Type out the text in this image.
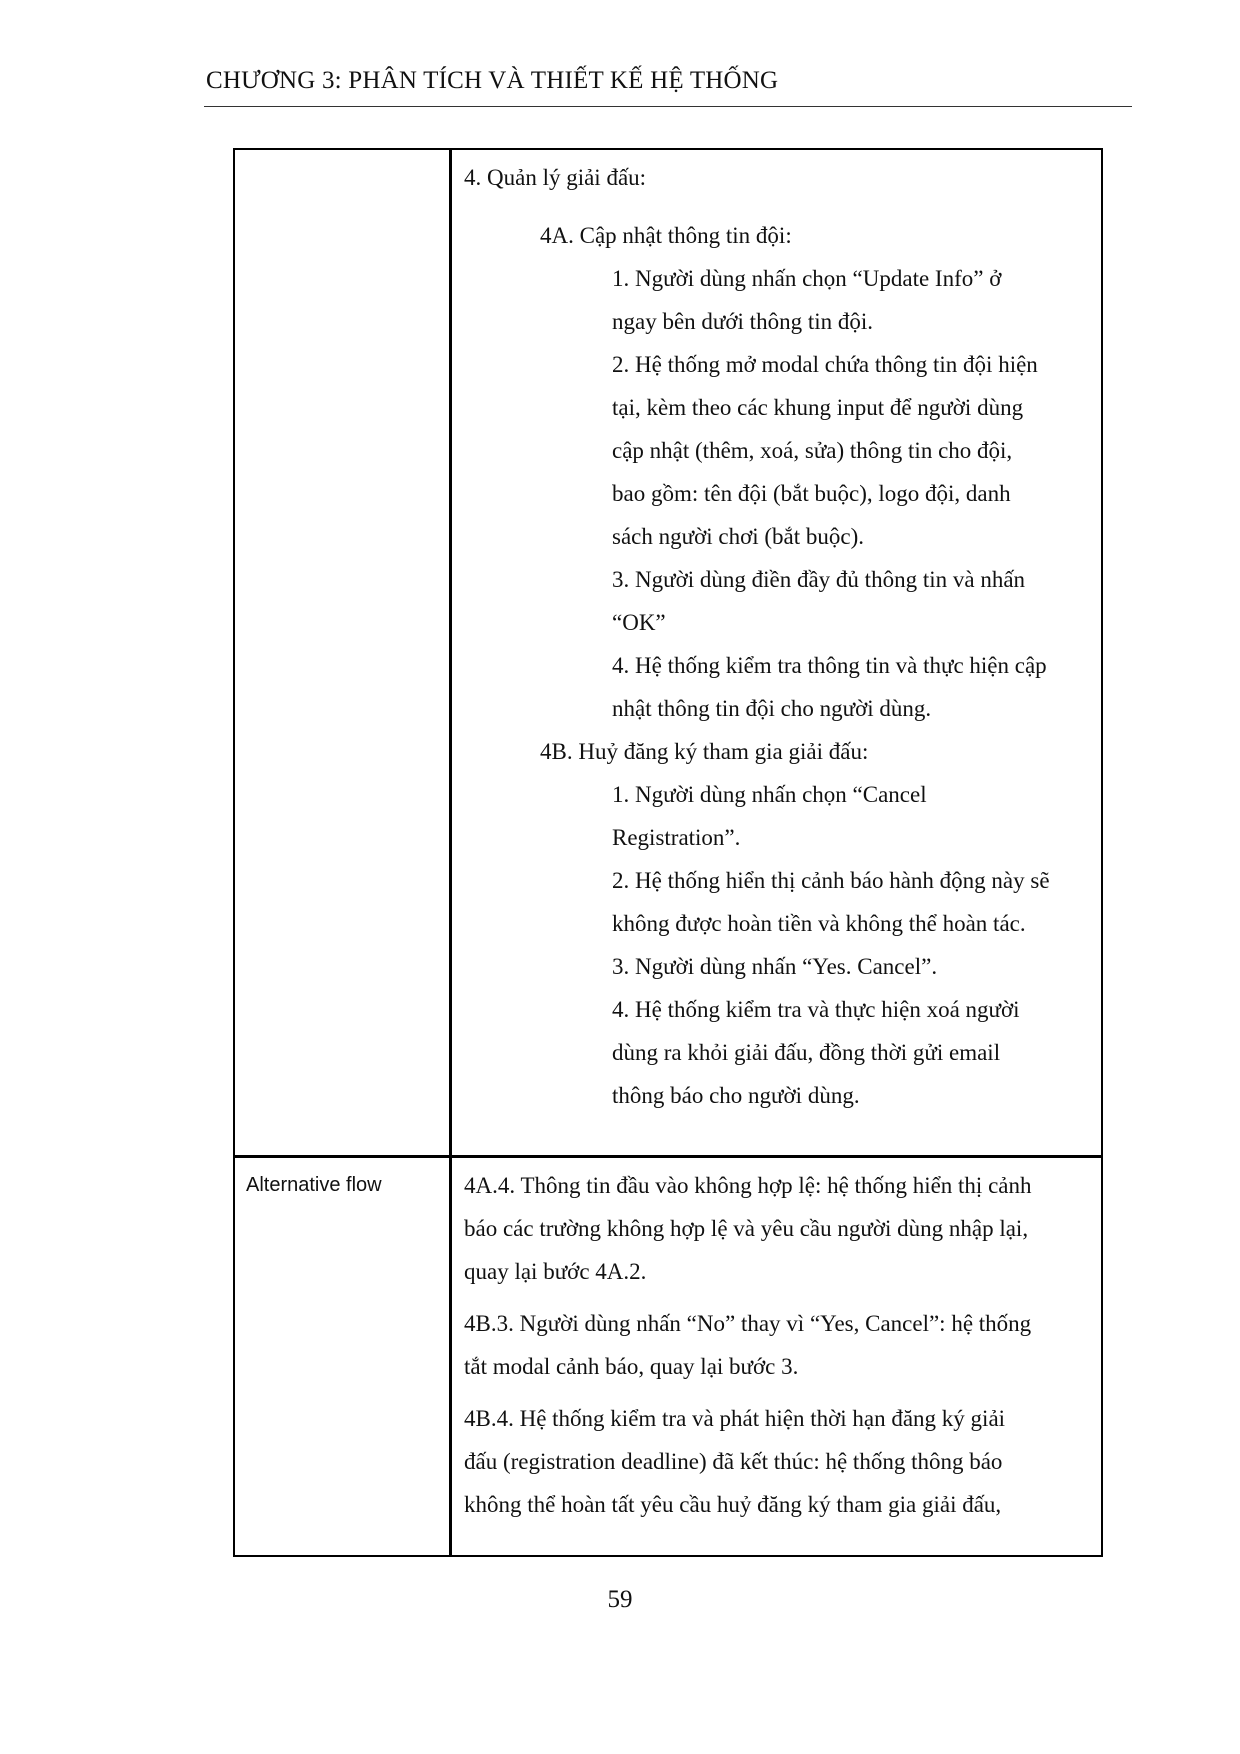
CHƯƠNG 3: PHÂN TÍCH VÀ THIẾT KẾ HỆ THỐNG

4. Quản lý giải đấu:

4A. Cập nhật thông tin đội:

1. Người dùng nhấn chọn “Update Info” ở

ngay bên dưới thông tin đội.

2. Hệ thống mở modal chứa thông tin đội hiện

tại, kèm theo các khung input để người dùng

cập nhật (thêm, xoá, sửa) thông tin cho đội,

bao gồm: tên đội (bắt buộc), logo đội, danh

sách người chơi (bắt buộc).

3. Người dùng điền đầy đủ thông tin và nhấn

“OK”

4. Hệ thống kiểm tra thông tin và thực hiện cập

nhật thông tin đội cho người dùng.

4B. Huỷ đăng ký tham gia giải đấu:

1. Người dùng nhấn chọn “Cancel

Registration”.

2. Hệ thống hiển thị cảnh báo hành động này sẽ

không được hoàn tiền và không thể hoàn tác.

3. Người dùng nhấn “Yes. Cancel”.

4. Hệ thống kiểm tra và thực hiện xoá người

dùng ra khỏi giải đấu, đồng thời gửi email

thông báo cho người dùng.

Alternative flow	4A.4. Thông tin đầu vào không hợp lệ: hệ thống hiển thị cảnh

báo các trường không hợp lệ và yêu cầu người dùng nhập lại,

quay lại bước 4A.2.

4B.3. Người dùng nhấn “No” thay vì “Yes, Cancel”: hệ thống

tắt modal cảnh báo, quay lại bước 3.

4B.4. Hệ thống kiểm tra và phát hiện thời hạn đăng ký giải

đấu (registration deadline) đã kết thúc: hệ thống thông báo

không thể hoàn tất yêu cầu huỷ đăng ký tham gia giải đấu,

59
